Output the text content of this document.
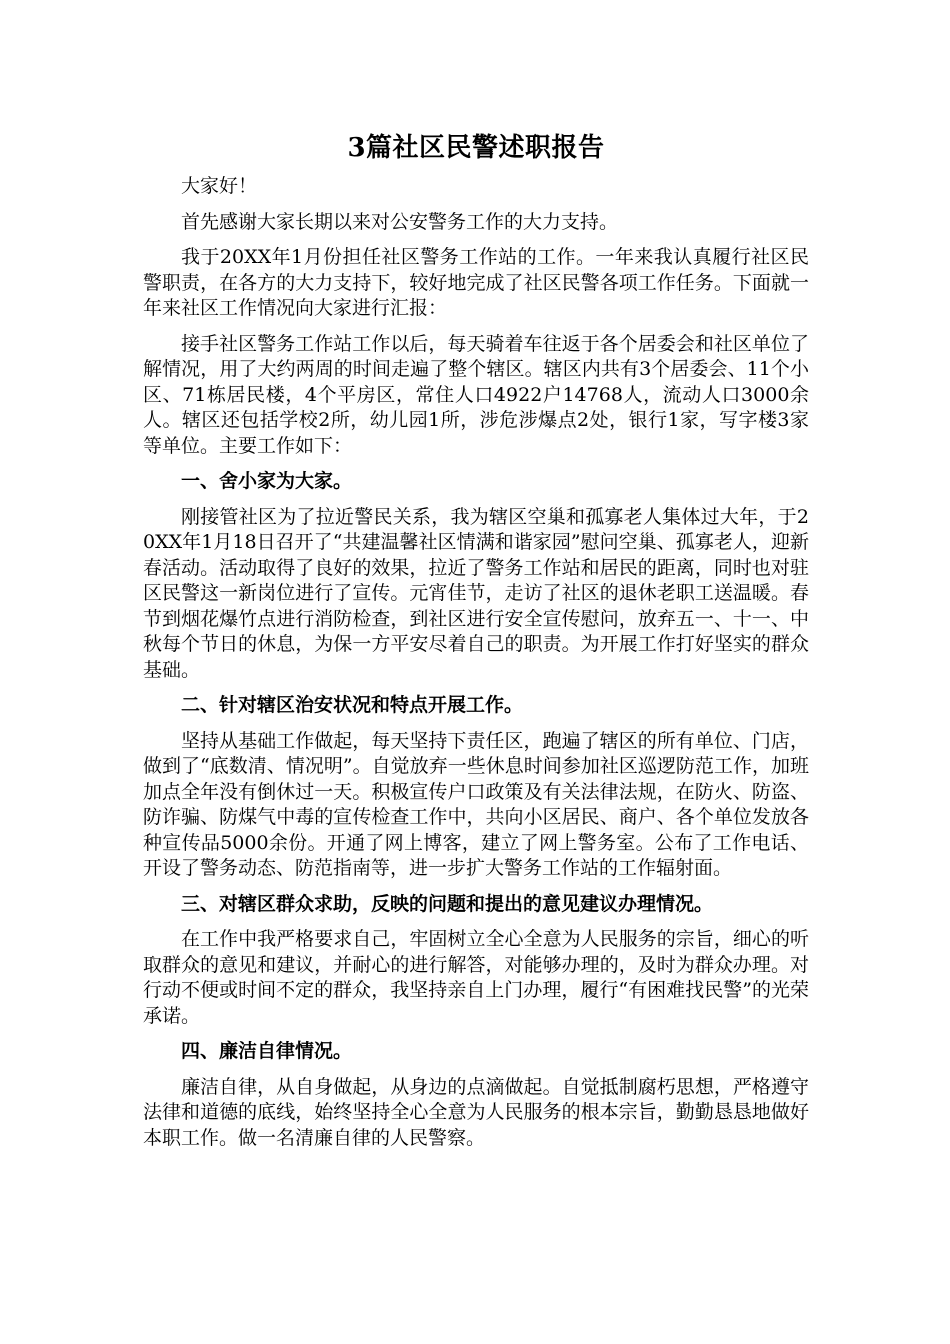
3篇社区民警述职报告
大家好！
首先感谢大家长期以来对公安警务工作的大力支持。
我于20XX年1月份担任社区警务工作站的工作。一年来我认真履行社区民警职责，在各方的大力支持下，较好地完成了社区民警各项工作任务。下面就一年来社区工作情况向大家进行汇报：
接手社区警务工作站工作以后，每天骑着车往返于各个居委会和社区单位了解情况，用了大约两周的时间走遍了整个辖区。辖区内共有3个居委会、11个小区、71栋居民楼，4个平房区，常住人口4922户14768人，流动人口3000余人。辖区还包括学校2所，幼儿园1所，涉危涉爆点2处，银行1家，写字楼3家等单位。主要工作如下：
一、舍小家为大家。
刚接管社区为了拉近警民关系，我为辖区空巢和孤寡老人集体过大年，于20XX年1月18日召开了“共建温馨社区情满和谐家园”慰问空巢、孤寡老人，迎新春活动。活动取得了良好的效果，拉近了警务工作站和居民的距离，同时也对驻区民警这一新岗位进行了宣传。元宵佳节，走访了社区的退休老职工送温暖。春节到烟花爆竹点进行消防检查，到社区进行安全宣传慰问，放弃五一、十一、中秋每个节日的休息，为保一方平安尽着自己的职责。为开展工作打好坚实的群众基础。
二、针对辖区治安状况和特点开展工作。
坚持从基础工作做起，每天坚持下责任区，跑遍了辖区的所有单位、门店，做到了“底数清、情况明”。自觉放弃一些休息时间参加社区巡逻防范工作，加班加点全年没有倒休过一天。积极宣传户口政策及有关法律法规，在防火、防盗、防诈骗、防煤气中毒的宣传检查工作中，共向小区居民、商户、各个单位发放各种宣传品5000余份。开通了网上博客，建立了网上警务室。公布了工作电话、开设了警务动态、防范指南等，进一步扩大警务工作站的工作辐射面。
三、对辖区群众求助，反映的问题和提出的意见建议办理情况。
在工作中我严格要求自己，牢固树立全心全意为人民服务的宗旨，细心的听取群众的意见和建议，并耐心的进行解答，对能够办理的，及时为群众办理。对行动不便或时间不定的群众，我坚持亲自上门办理，履行“有困难找民警”的光荣承诺。
四、廉洁自律情况。
廉洁自律，从自身做起，从身边的点滴做起。自觉抵制腐朽思想，严格遵守法律和道德的底线，始终坚持全心全意为人民服务的根本宗旨，勤勤恳恳地做好本职工作。做一名清廉自律的人民警察。
